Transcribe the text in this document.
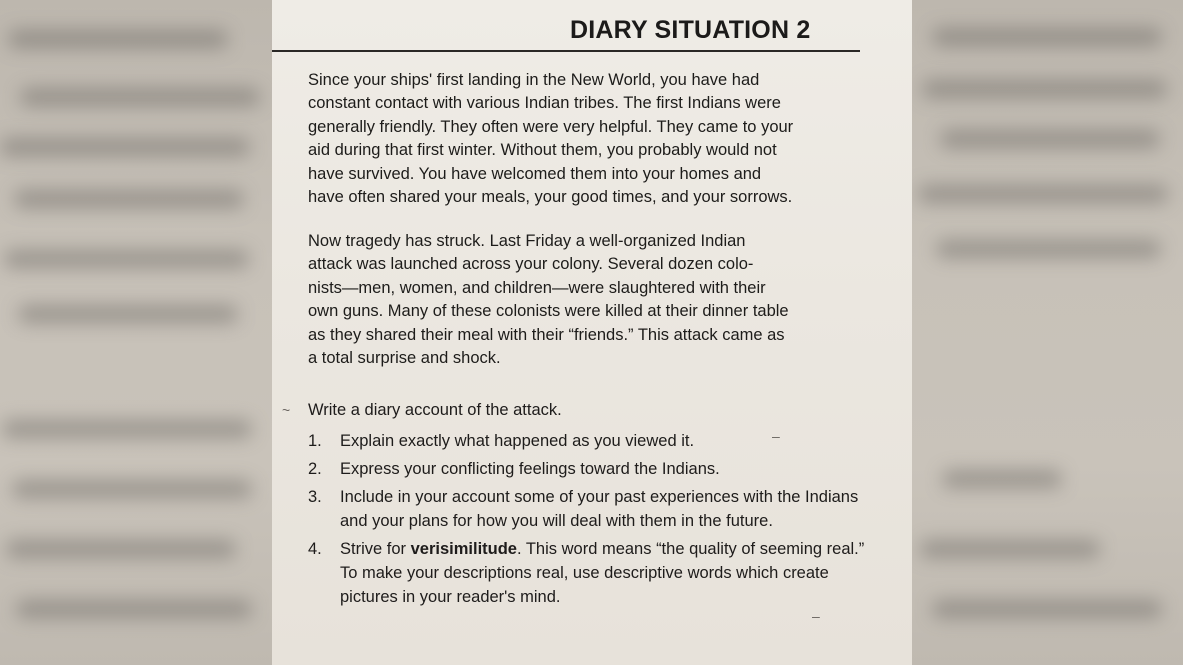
DIARY SITUATION 2
Since your ships' first landing in the New World, you have had
constant contact with various Indian tribes. The first Indians were
generally friendly. They often were very helpful. They came to your
aid during that first winter. Without them, you probably would not
have survived. You have welcomed them into your homes and
have often shared your meals, your good times, and your sorrows.
Now tragedy has struck. Last Friday a well-organized Indian
attack was launched across your colony. Several dozen colo-
nists—men, women, and children—were slaughtered with their
own guns. Many of these colonists were killed at their dinner table
as they shared their meal with their “friends.” This attack came as
a total surprise and shock.
Write a diary account of the attack.
1.	Explain exactly what happened as you viewed it.
2.	Express your conflicting feelings toward the Indians.
3.	Include in your account some of your past experiences with the Indians and your plans for how you will deal with them in the future.
4.	Strive for verisimilitude. This word means “the quality of seeming real.” To make your descriptions real, use descriptive words which create pictures in your reader's mind.
~
–
–
